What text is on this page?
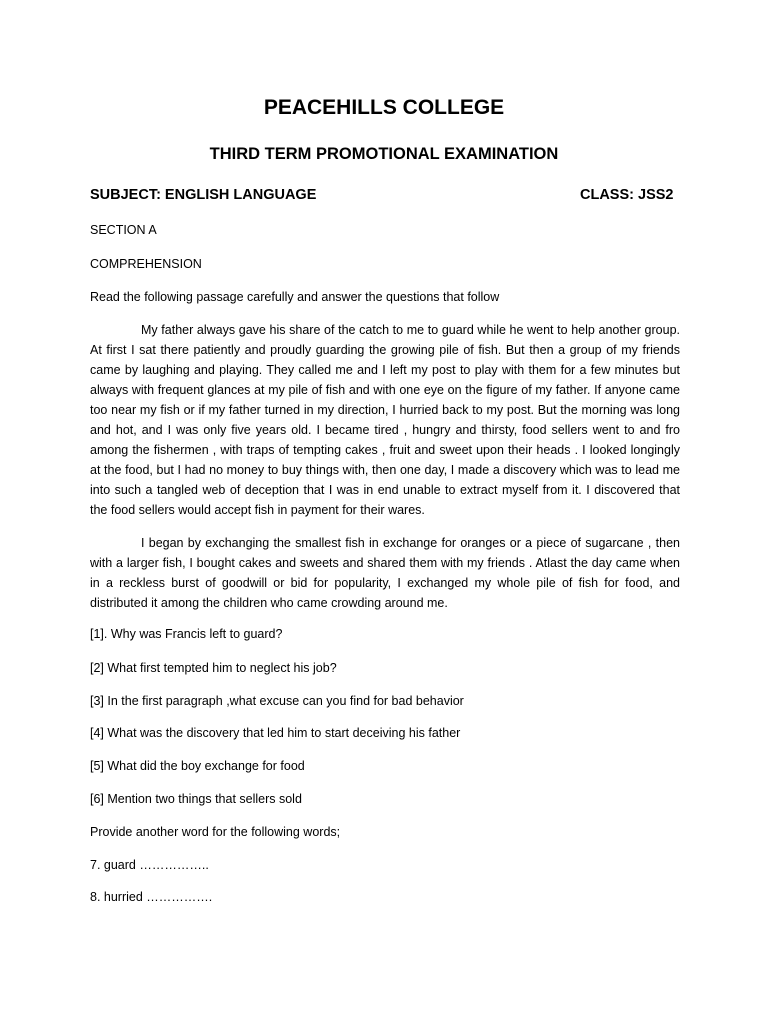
PEACEHILLS COLLEGE
THIRD TERM PROMOTIONAL EXAMINATION
SUBJECT: ENGLISH LANGUAGE	CLASS: JSS2
SECTION A
COMPREHENSION
Read the following passage carefully and answer the questions that follow

My father always gave his share of the catch to me to guard while he went to help another group. At first I sat there patiently and proudly guarding the growing pile of fish. But then a group of my friends came by laughing and playing. They called me and I left my post to play with them for a few minutes but always with frequent glances at my pile of fish and with one eye on the figure of my father. If anyone came too near my fish or if my father turned in my direction, I hurried back to my post. But the morning was long and hot, and I was only five years old. I became tired , hungry and thirsty, food sellers went to and fro among the fishermen , with traps of tempting cakes , fruit and sweet upon their heads . I looked longingly at the food, but I had no money to buy things with, then one day, I made a discovery which was to lead me into such a tangled web of deception that I was in end unable to extract myself from it. I discovered that the food sellers would accept fish in payment for their wares.

I began by exchanging the smallest fish in exchange for oranges or a piece of sugarcane , then with a larger fish, I bought cakes and sweets and shared them with my friends . Atlast the day came when in a reckless burst of goodwill or bid for popularity, I exchanged my whole pile of fish for food, and distributed it among the children who came crowding around me.

[1]. Why was Francis left to guard?
[2] What first tempted him to neglect his job?
[3] In the first paragraph ,what excuse can you find for bad behavior
[4] What was the discovery that led him to start deceiving his father
[5] What did the boy exchange for food
[6] Mention two things that sellers sold
Provide another word for the following words;
7. guard ……………..
8. hurried …………….
